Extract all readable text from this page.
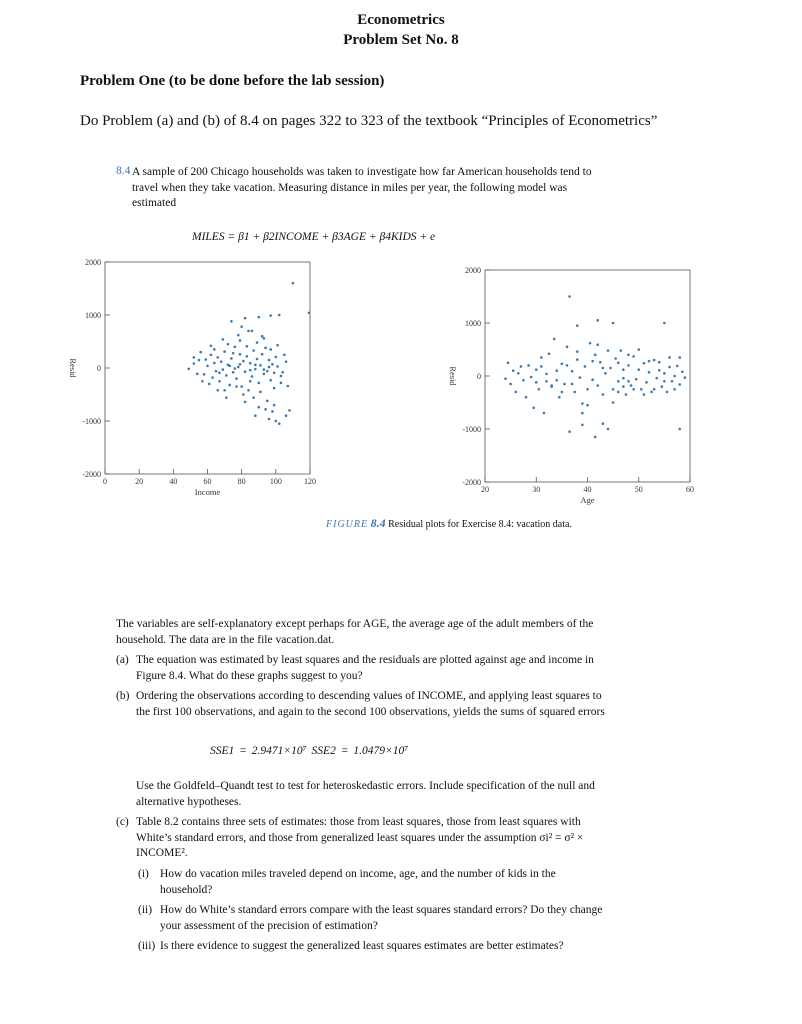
Econometrics
Problem Set No. 8
Problem One (to be done before the lab session)
Do Problem (a) and (b) of 8.4 on pages 322 to 323 of the textbook “Principles of Econometrics”
8.4 A sample of 200 Chicago households was taken to investigate how far American households tend to travel when they take vacation. Measuring distance in miles per year, the following model was estimated
MILES = β1 + β2INCOME + β3AGE + β4KIDS + e
2000
1000
0
-1000
-2000
0	20	40	60	80	100	120
Income
Resid
2000
1000
0
-1000
-2000
20	30	40	50	60
Age
Resid
FIGURE 8.4 Residual plots for Exercise 8.4: vacation data.
The variables are self-explanatory except perhaps for AGE, the average age of the adult members of the household. The data are in the file vacation.dat.
(a) The equation was estimated by least squares and the residuals are plotted against age and income in Figure 8.4. What do these graphs suggest to you?
(b) Ordering the observations according to descending values of INCOME, and applying least squares to the first 100 observations, and again to the second 100 observations, yields the sums of squared errors
SSE1 = 2.9471×10⁷ SSE2 = 1.0479×10⁷
Use the Goldfeld–Quandt test to test for heteroskedastic errors. Include specification of the null and alternative hypotheses.
(c) Table 8.2 contains three sets of estimates: those from least squares, those from least squares with White’s standard errors, and those from generalized least squares under the assumption σi² = σ² × INCOME².
(i) How do vacation miles traveled depend on income, age, and the number of kids in the household?
(ii) How do White’s standard errors compare with the least squares standard errors? Do they change your assessment of the precision of estimation?
(iii) Is there evidence to suggest the generalized least squares estimates are better estimates?
